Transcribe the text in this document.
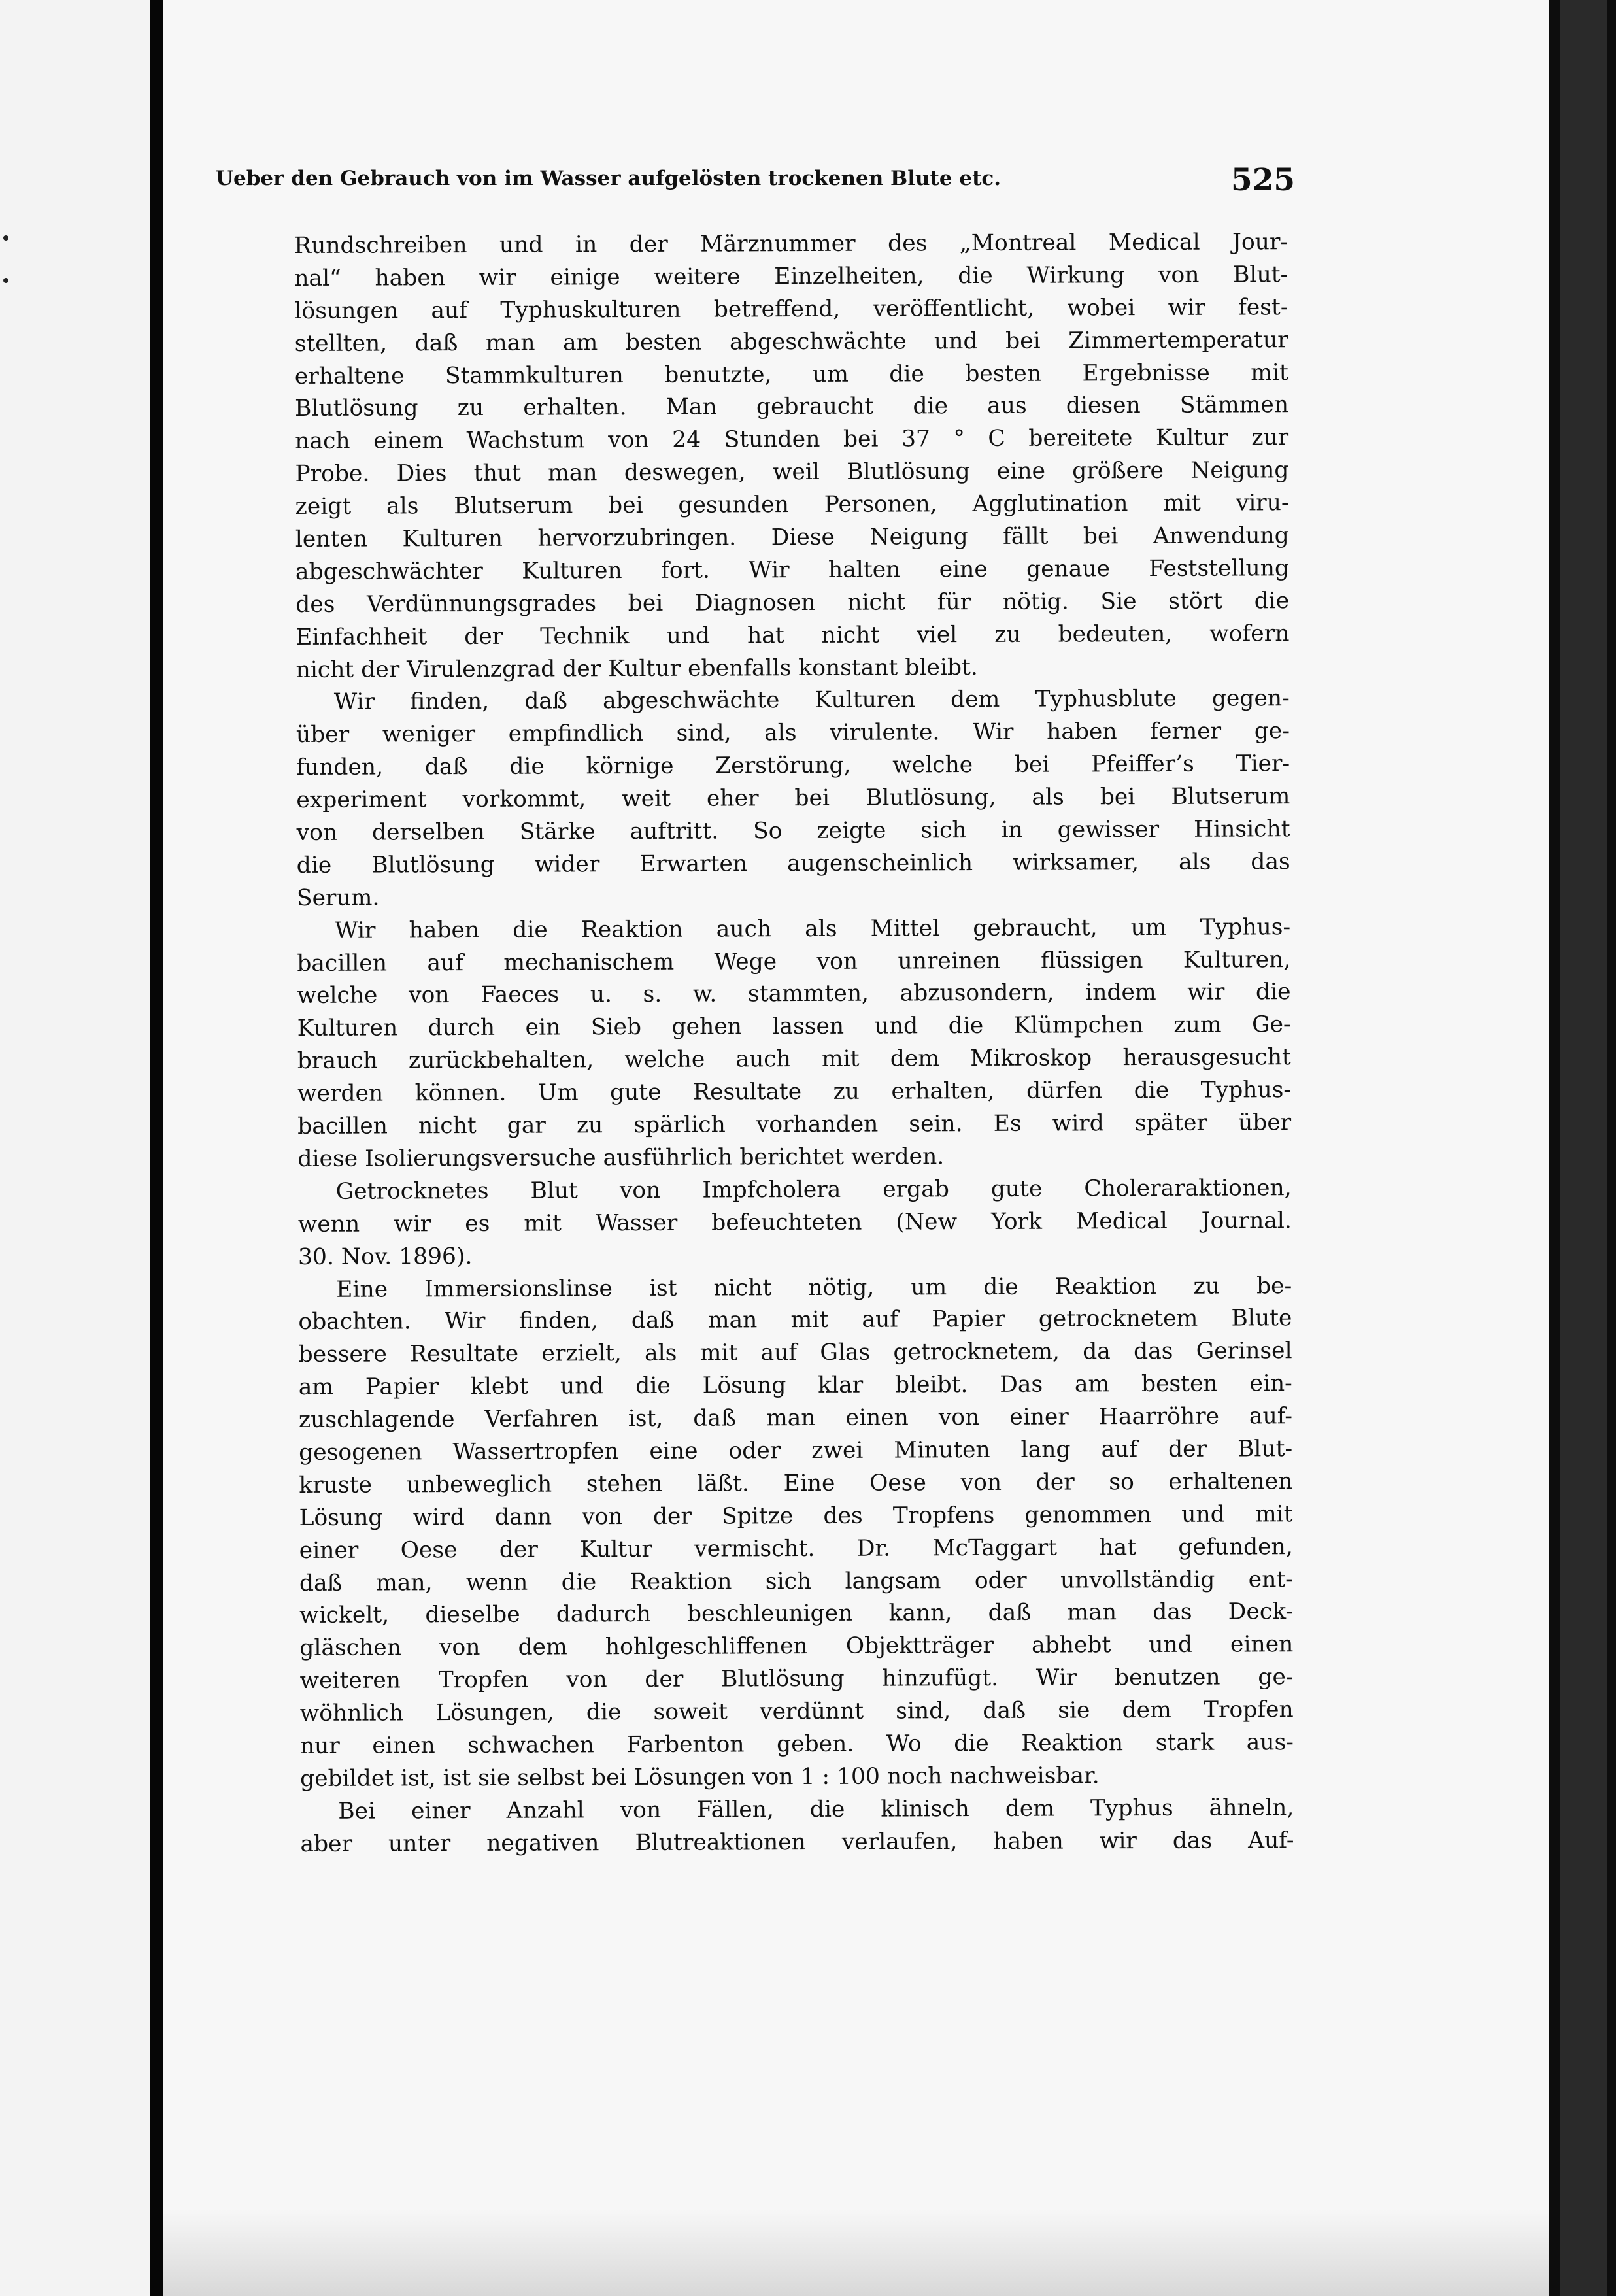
Ueber den Gebrauch von im Wasser aufgelösten trockenen Blute etc.	525
Rundschreiben und in der Märznummer des „Montreal Medical Jour-
nal“ haben wir einige weitere Einzelheiten, die Wirkung von Blut-
lösungen auf Typhuskulturen betreffend, veröffentlicht, wobei wir fest-
stellten, daß man am besten abgeschwächte und bei Zimmertemperatur
erhaltene Stammkulturen benutzte, um die besten Ergebnisse mit
Blutlösung zu erhalten. Man gebraucht die aus diesen Stämmen
nach einem Wachstum von 24 Stunden bei 37 ° C bereitete Kultur zur
Probe. Dies thut man deswegen, weil Blutlösung eine größere Neigung
zeigt als Blutserum bei gesunden Personen, Agglutination mit viru-
lenten Kulturen hervorzubringen. Diese Neigung fällt bei Anwendung
abgeschwächter Kulturen fort. Wir halten eine genaue Feststellung
des Verdünnungsgrades bei Diagnosen nicht für nötig. Sie stört die
Einfachheit der Technik und hat nicht viel zu bedeuten, wofern
nicht der Virulenzgrad der Kultur ebenfalls konstant bleibt.
Wir finden, daß abgeschwächte Kulturen dem Typhusblute gegen-
über weniger empfindlich sind, als virulente. Wir haben ferner ge-
funden, daß die körnige Zerstörung, welche bei Pfeiffer’s Tier-
experiment vorkommt, weit eher bei Blutlösung, als bei Blutserum
von derselben Stärke auftritt. So zeigte sich in gewisser Hinsicht
die Blutlösung wider Erwarten augenscheinlich wirksamer, als das
Serum.
Wir haben die Reaktion auch als Mittel gebraucht, um Typhus-
bacillen auf mechanischem Wege von unreinen flüssigen Kulturen,
welche von Faeces u. s. w. stammten, abzusondern, indem wir die
Kulturen durch ein Sieb gehen lassen und die Klümpchen zum Ge-
brauch zurückbehalten, welche auch mit dem Mikroskop herausgesucht
werden können. Um gute Resultate zu erhalten, dürfen die Typhus-
bacillen nicht gar zu spärlich vorhanden sein. Es wird später über
diese Isolierungsversuche ausführlich berichtet werden.
Getrocknetes Blut von Impfcholera ergab gute Choleraraktionen,
wenn wir es mit Wasser befeuchteten (New York Medical Journal.
30. Nov. 1896).
Eine Immersionslinse ist nicht nötig, um die Reaktion zu be-
obachten. Wir finden, daß man mit auf Papier getrocknetem Blute
bessere Resultate erzielt, als mit auf Glas getrocknetem, da das Gerinsel
am Papier klebt und die Lösung klar bleibt. Das am besten ein-
zuschlagende Verfahren ist, daß man einen von einer Haarröhre auf-
gesogenen Wassertropfen eine oder zwei Minuten lang auf der Blut-
kruste unbeweglich stehen läßt. Eine Oese von der so erhaltenen
Lösung wird dann von der Spitze des Tropfens genommen und mit
einer Oese der Kultur vermischt. Dr. McTaggart hat gefunden,
daß man, wenn die Reaktion sich langsam oder unvollständig ent-
wickelt, dieselbe dadurch beschleunigen kann, daß man das Deck-
gläschen von dem hohlgeschliffenen Objektträger abhebt und einen
weiteren Tropfen von der Blutlösung hinzufügt. Wir benutzen ge-
wöhnlich Lösungen, die soweit verdünnt sind, daß sie dem Tropfen
nur einen schwachen Farbenton geben. Wo die Reaktion stark aus-
gebildet ist, ist sie selbst bei Lösungen von 1 : 100 noch nachweisbar.
Bei einer Anzahl von Fällen, die klinisch dem Typhus ähneln,
aber unter negativen Blutreaktionen verlaufen, haben wir das Auf-
